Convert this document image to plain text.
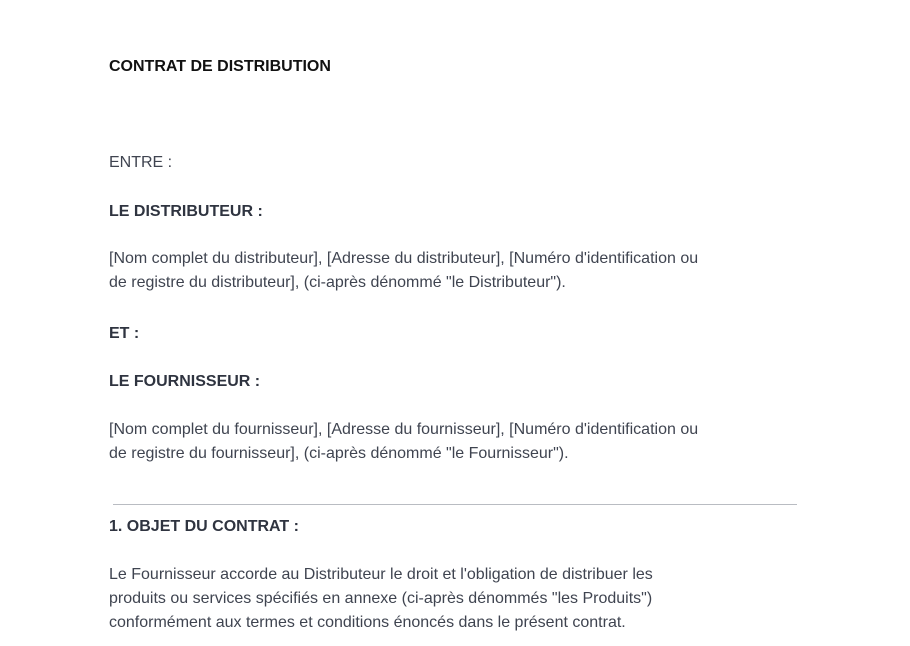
CONTRAT DE DISTRIBUTION
ENTRE :
LE DISTRIBUTEUR :
[Nom complet du distributeur], [Adresse du distributeur], [Numéro d'identification ou
de registre du distributeur], (ci-après dénommé "le Distributeur").
ET :
LE FOURNISSEUR :
[Nom complet du fournisseur], [Adresse du fournisseur], [Numéro d'identification ou
de registre du fournisseur], (ci-après dénommé "le Fournisseur").
1. OBJET DU CONTRAT :
Le Fournisseur accorde au Distributeur le droit et l'obligation de distribuer les
produits ou services spécifiés en annexe (ci-après dénommés "les Produits")
conformément aux termes et conditions énoncés dans le présent contrat.
